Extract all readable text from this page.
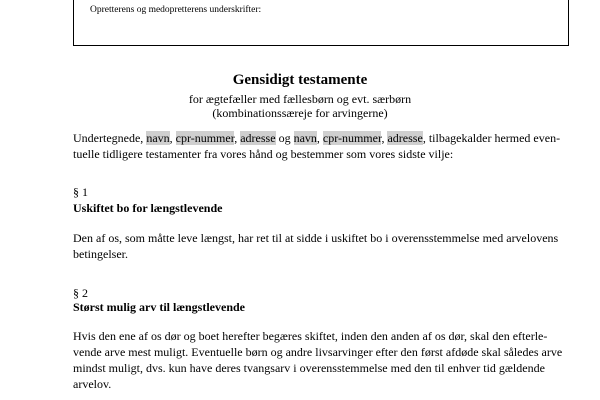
Opretterens og medopretterens underskrifter:
Gensidigt testamente
for ægtefæller med fællesbørn og evt. særbørn
(kombinationssæreje for arvingerne)
Undertegnede, navn, cpr-nummer, adresse og navn, cpr-nummer, adresse, tilbagekalder hermed even-
tuelle tidligere testamenter fra vores hånd og bestemmer som vores sidste vilje:
§ 1
Uskiftet bo for længstlevende
Den af os, som måtte leve længst, har ret til at sidde i uskiftet bo i overensstemmelse med arvelovens
betingelser.
§ 2
Størst mulig arv til længstlevende
Hvis den ene af os dør og boet herefter begæres skiftet, inden den anden af os dør, skal den efterle-
vende arve mest muligt. Eventuelle børn og andre livsarvinger efter den først afdøde skal således arve
mindst muligt, dvs. kun have deres tvangsarv i overensstemmelse med den til enhver tid gældende
arvelov.
